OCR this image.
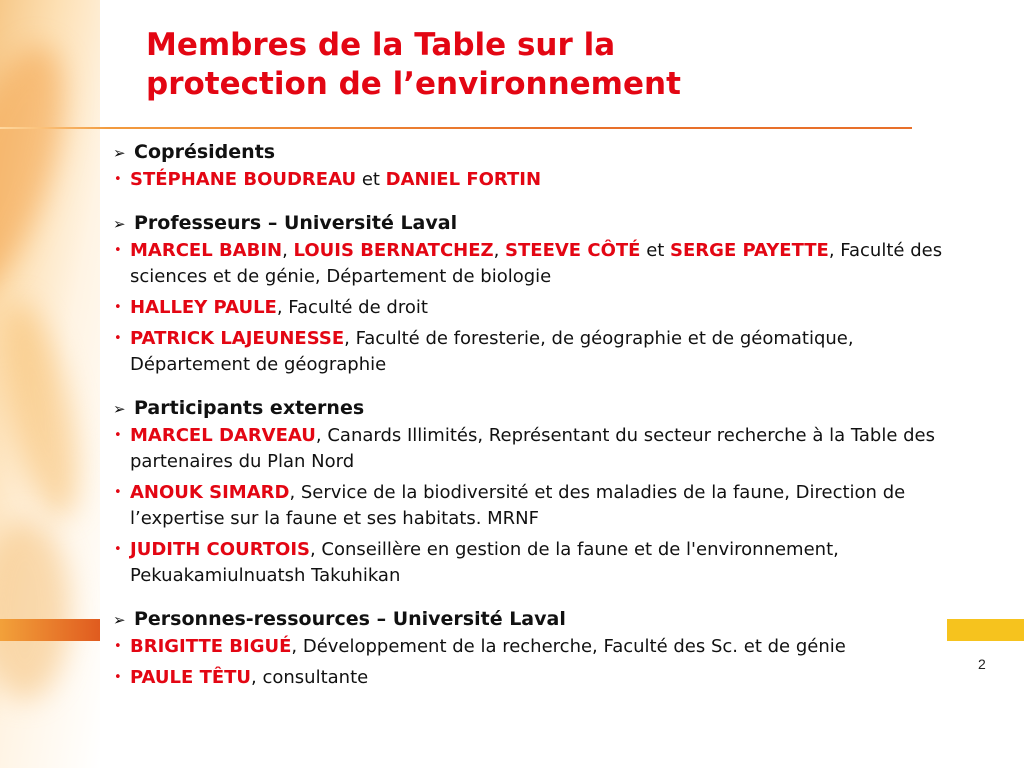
Membres de la Table sur la
protection de l’environnement
➢ Coprésidents
• STÉPHANE BOUDREAU et DANIEL FORTIN
➢ Professeurs – Université Laval
• MARCEL BABIN, LOUIS BERNATCHEZ, STEEVE CÔTÉ et SERGE PAYETTE, Faculté des sciences et de génie, Département de biologie
• HALLEY PAULE, Faculté de droit
• PATRICK LAJEUNESSE, Faculté de foresterie, de géographie et de géomatique, Département de géographie
➢ Participants externes
• MARCEL DARVEAU, Canards Illimités, Représentant du secteur recherche à la Table des partenaires du Plan Nord
• ANOUK SIMARD, Service de la biodiversité et des maladies de la faune, Direction de l’expertise sur la faune et ses habitats. MRNF
• JUDITH COURTOIS, Conseillère en gestion de la faune et de l'environnement, Pekuakamiulnuatsh Takuhikan
➢ Personnes-ressources – Université Laval
• BRIGITTE BIGUÉ, Développement de la recherche, Faculté des Sc. et de génie
• PAULE TÊTU, consultante
2
